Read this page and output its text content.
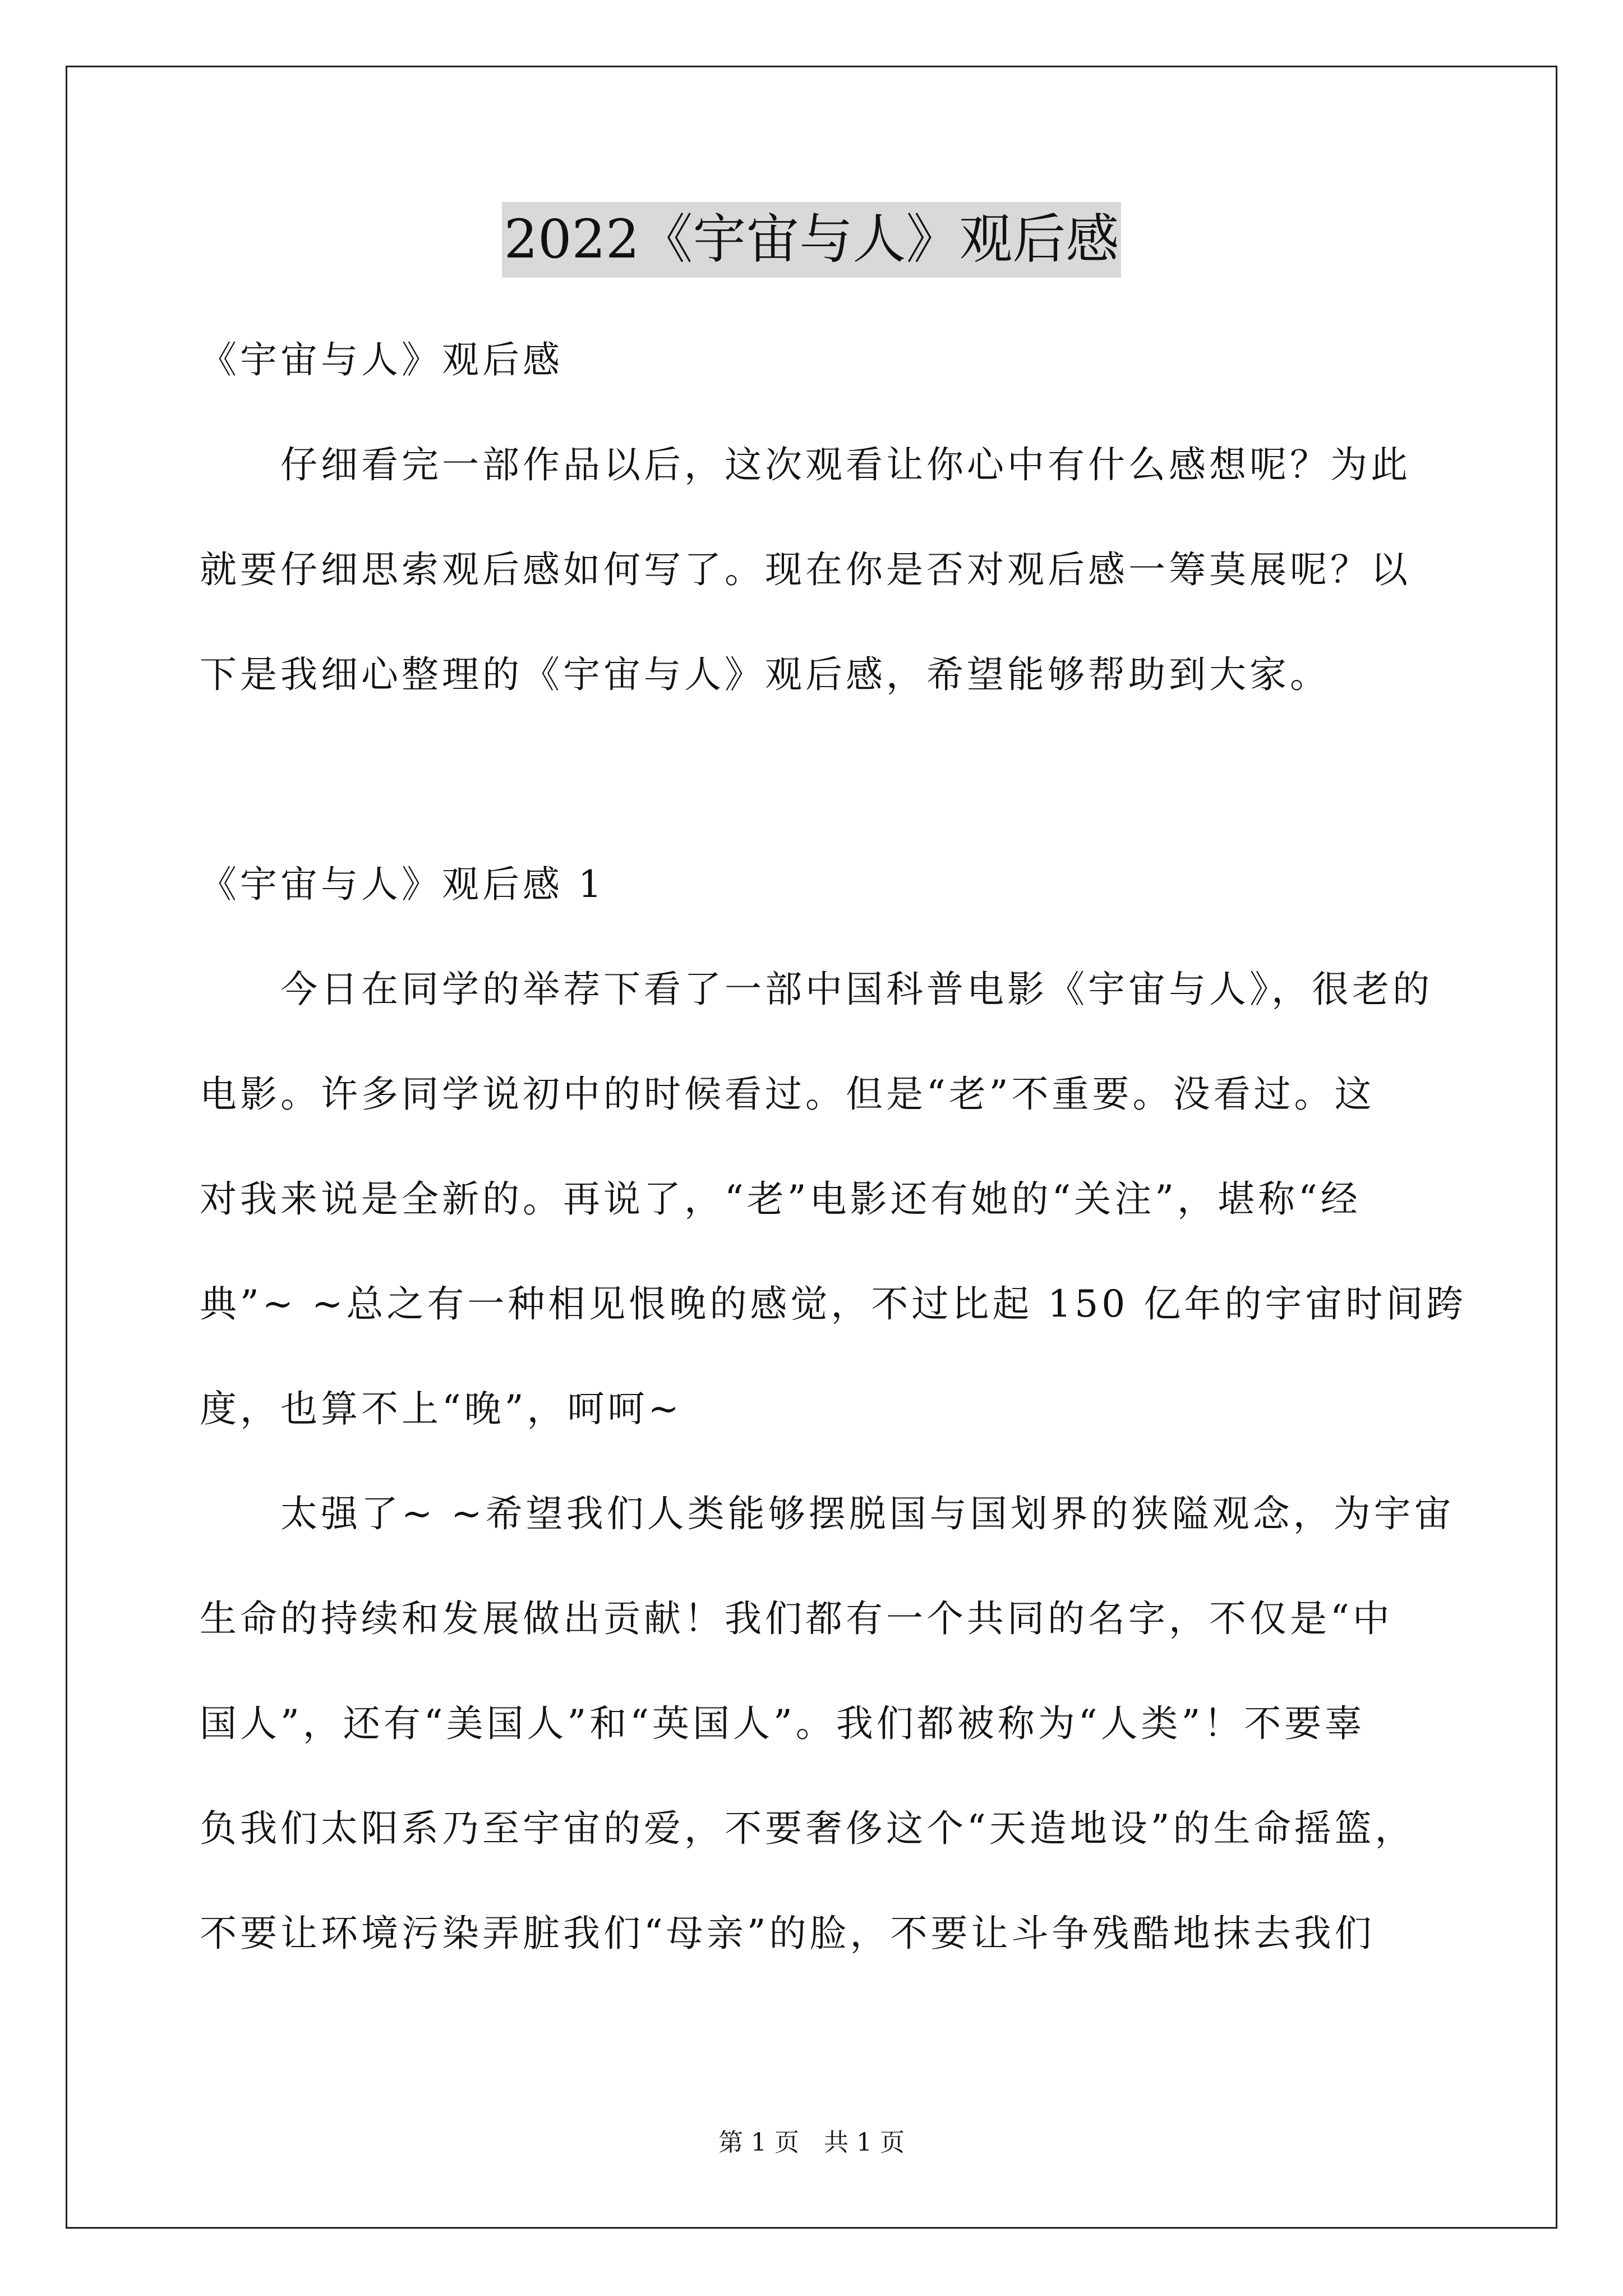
2022《宇宙与人》观后感
《宇宙与人》观后感
仔细看完一部作品以后，这次观看让你心中有什么感想呢？为此
就要仔细思索观后感如何写了。现在你是否对观后感一筹莫展呢？以
下是我细心整理的《宇宙与人》观后感，希望能够帮助到大家。
《宇宙与人》观后感 1
今日在同学的举荐下看了一部中国科普电影《宇宙与人》，很老的
电影。许多同学说初中的时候看过。但是“老”不重要。没看过。这
对我来说是全新的。再说了，“老”电影还有她的“关注”，堪称“经
典”~ ~总之有一种相见恨晚的感觉，不过比起 150 亿年的宇宙时间跨
度，也算不上“晚”，呵呵~
太强了~ ~希望我们人类能够摆脱国与国划界的狭隘观念，为宇宙
生命的持续和发展做出贡献！我们都有一个共同的名字，不仅是“中
国人”，还有“美国人”和“英国人”。我们都被称为“人类”！不要辜
负我们太阳系乃至宇宙的爱，不要奢侈这个“天造地设”的生命摇篮，
不要让环境污染弄脏我们“母亲”的脸，不要让斗争残酷地抹去我们
第 1 页　共 1 页
